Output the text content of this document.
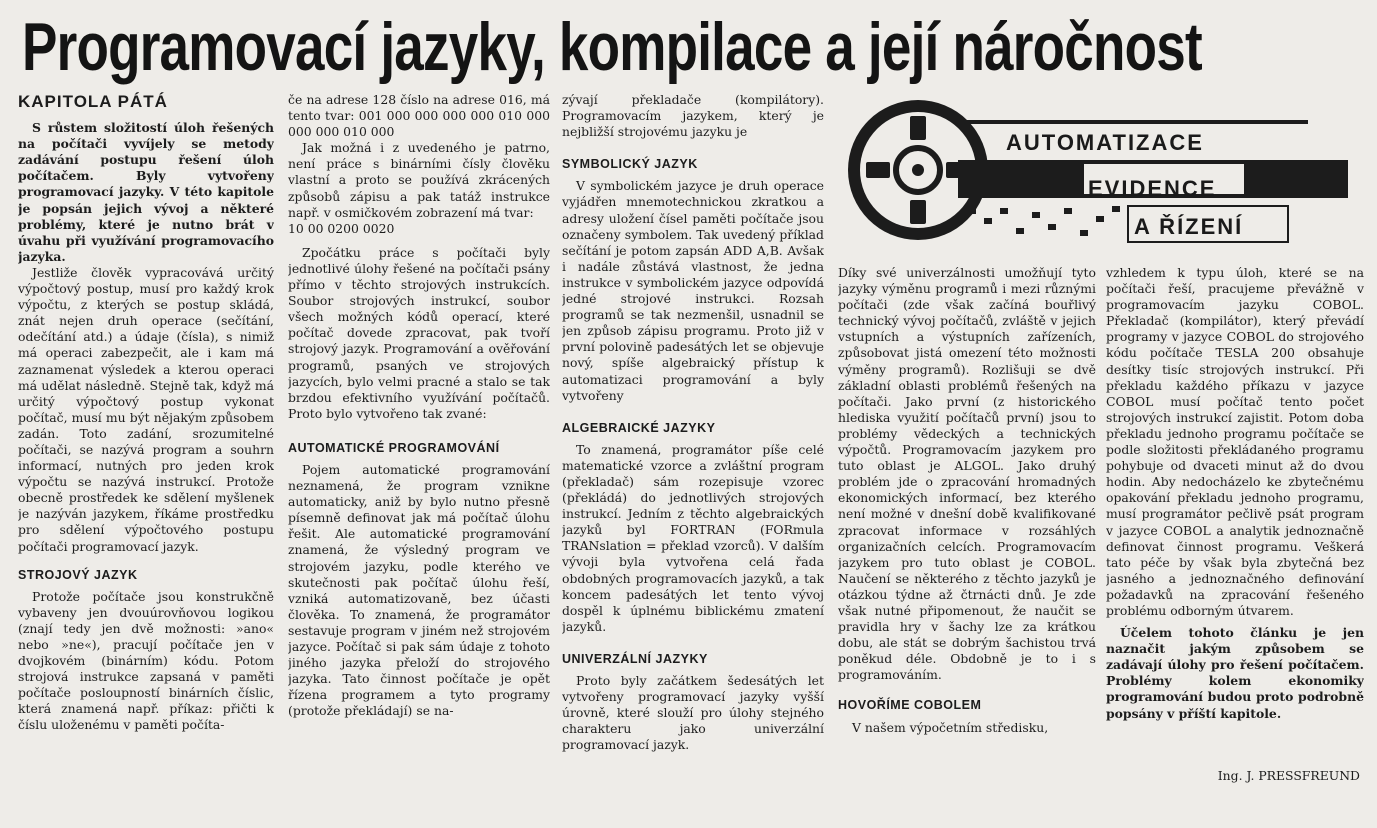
Programovací jazyky, kompilace a její náročnost
KAPITOLA PÁTÁ

S růstem složitostí úloh řešených na počítači vyvíjely se metody zadávání postupu řešení úloh počítačem. Byly vytvořeny programovací jazyky. V této kapitole je popsán jejich vývoj a některé problémy, které je nutno brát v úvahu při využívání programovacího jazyka.

Jestliže člověk vypracovává určitý výpočtový postup, musí pro každý krok výpočtu, z kterých se postup skládá, znát nejen druh operace (sečítání, odečítání atd.) a údaje (čísla), s nimiž má operaci zabezpečit, ale i kam má zaznamenat výsledek a kterou operaci má udělat následně. Stejně tak, když má určitý výpočtový postup vykonat počítač, musí mu být nějakým způsobem zadán. Toto zadání, srozumitelné počítači, se nazývá program a souhrn informací, nutných pro jeden krok výpočtu se nazývá instrukcí. Protože obecně prostředek ke sdělení myšlenek je nazýván jazykem, říkáme prostředku pro sdělení výpočtového postupu počítači programovací jazyk.

STROJOVÝ JAZYK

Protože počítače jsou konstrukčně vybaveny jen dvouúrovňovou logikou (znají tedy jen dvě možnosti: »ano« nebo »ne«), pracují počítače jen v dvojkovém (binárním) kódu. Potom strojová instrukce zapsaná v paměti počítače posloupností binárních číslic, která znamená např. příkaz: přičti k číslu uloženému v paměti počíta-

če na adrese 128 číslo na adrese 016, má tento tvar: 001 000 000 000 000 010 000 000 000 010 000

Jak možná i z uvedeného je patrno, není práce s binárními čísly člověku vlastní a proto se používá zkrácených způsobů zápisu a pak tatáž instrukce např. v osmičkovém zobrazení má tvar:

10 00 0200 0020

Zpočátku práce s počítači byly jednotlivé úlohy řešené na počítači psány přímo v těchto strojových instrukcích. Soubor strojových instrukcí, soubor všech možných kódů operací, které počítač dovede zpracovat, pak tvoří strojový jazyk. Programování a ověřování programů, psaných ve strojových jazycích, bylo velmi pracné a stalo se tak brzdou efektivního využívání počítačů. Proto bylo vytvořeno tak zvané:

AUTOMATICKÉ PROGRAMOVÁNÍ

Pojem automatické programování neznamená, že program vznikne automaticky, aniž by bylo nutno přesně písemně definovat jak má počítač úlohu řešit. Ale automatické programování znamená, že výsledný program ve strojovém jazyku, podle kterého ve skutečnosti pak počítač úlohu řeší, vzniká automatizovaně, bez účasti člověka. To znamená, že programátor sestavuje program v jiném než strojovém jazyce. Počítač si pak sám údaje z tohoto jiného jazyka přeloží do strojového jazyka. Tato činnost počítače je opět řízena programem a tyto programy (protože překládají) se na-

zývají překladače (kompilátory). Programovacím jazykem, který je nejbližší strojovému jazyku je

SYMBOLICKÝ JAZYK

V symbolickém jazyce je druh operace vyjádřen mnemotechnickou zkratkou a adresy uložení čísel paměti počítače jsou označeny symbolem. Tak uvedený příklad sečítání je potom zapsán ADD A,B. Avšak i nadále zůstává vlastnost, že jedna instrukce v symbolickém jazyce odpovídá jedné strojové instrukci. Rozsah programů se tak nezmenšil, usnadnil se jen způsob zápisu programu. Proto již v první polovině padesátých let se objevuje nový, spíše algebraický přístup k automatizaci programování a byly vytvořeny

ALGEBRAICKÉ JAZYKY

To znamená, programátor píše celé matematické vzorce a zvláštní program (překladač) sám rozepisuje vzorec (překládá) do jednotlivých strojových instrukcí. Jedním z těchto algebraických jazyků byl FORTRAN (FORmula TRANslation = překlad vzorců). V dalším vývoji byla vytvořena celá řada obdobných programovacích jazyků, a tak koncem padesátých let tento vývoj dospěl k úplnému biblickému zmatení jazyků.

UNIVERZÁLNÍ JAZYKY

Proto byly začátkem šedesátých let vytvořeny programovací jazyky vyšší úrovně, které slouží pro úlohy stejného charakteru jako univerzální programovací jazyk.

AUTOMATIZACE
EVIDENCE
A ŘÍZENÍ

Díky své univerzálnosti umožňují tyto jazyky výměnu programů i mezi různými počítači (zde však začíná bouřlivý technický vývoj počítačů, zvláště v jejich vstupních a výstupních zařízeních, způsobovat jistá omezení této možnosti výměny programů). Rozlišuji se dvě základní oblasti problémů řešených na počítači. Jako první (z historického hlediska využití počítačů první) jsou to problémy vědeckých a technických výpočtů. Programovacím jazykem pro tuto oblast je ALGOL. Jako druhý problém jde o zpracování hromadných ekonomických informací, bez kterého není možné v dnešní době kvalifikované zpracovat informace v rozsáhlých organizačních celcích. Programovacím jazykem pro tuto oblast je COBOL. Naučení se některého z těchto jazyků je otázkou týdne až čtrnácti dnů. Je zde však nutné připomenout, že naučit se pravidla hry v šachy lze za krátkou dobu, ale stát se dobrým šachistou trvá poněkud déle. Obdobně je to i s programováním.

HOVOŘÍME COBOLEM

V našem výpočetním středisku,

vzhledem k typu úloh, které se na počítači řeší, pracujeme převážně v programovacím jazyku COBOL. Překladač (kompilátor), který převádí programy v jazyce COBOL do strojového kódu počítače TESLA 200 obsahuje desítky tisíc strojových instrukcí. Při překladu každého příkazu v jazyce COBOL musí počítač tento počet strojových instrukcí zajistit. Potom doba překladu jednoho programu počítače se podle složitosti překládaného programu pohybuje od dvaceti minut až do dvou hodin. Aby nedocházelo ke zbytečnému opakování překladu jednoho programu, musí programátor pečlivě psát program v jazyce COBOL a analytik jednoznačně definovat činnost programu. Veškerá tato péče by však byla zbytečná bez jasného a jednoznačného definování požadavků na zpracování řešeného problému odborným útvarem.

Účelem tohoto článku je jen naznačit jakým způsobem se zadávají úlohy pro řešení počítačem. Problémy kolem ekonomiky programování budou proto podrobně popsány v příští kapitole.

Ing. J. PRESSFREUND
